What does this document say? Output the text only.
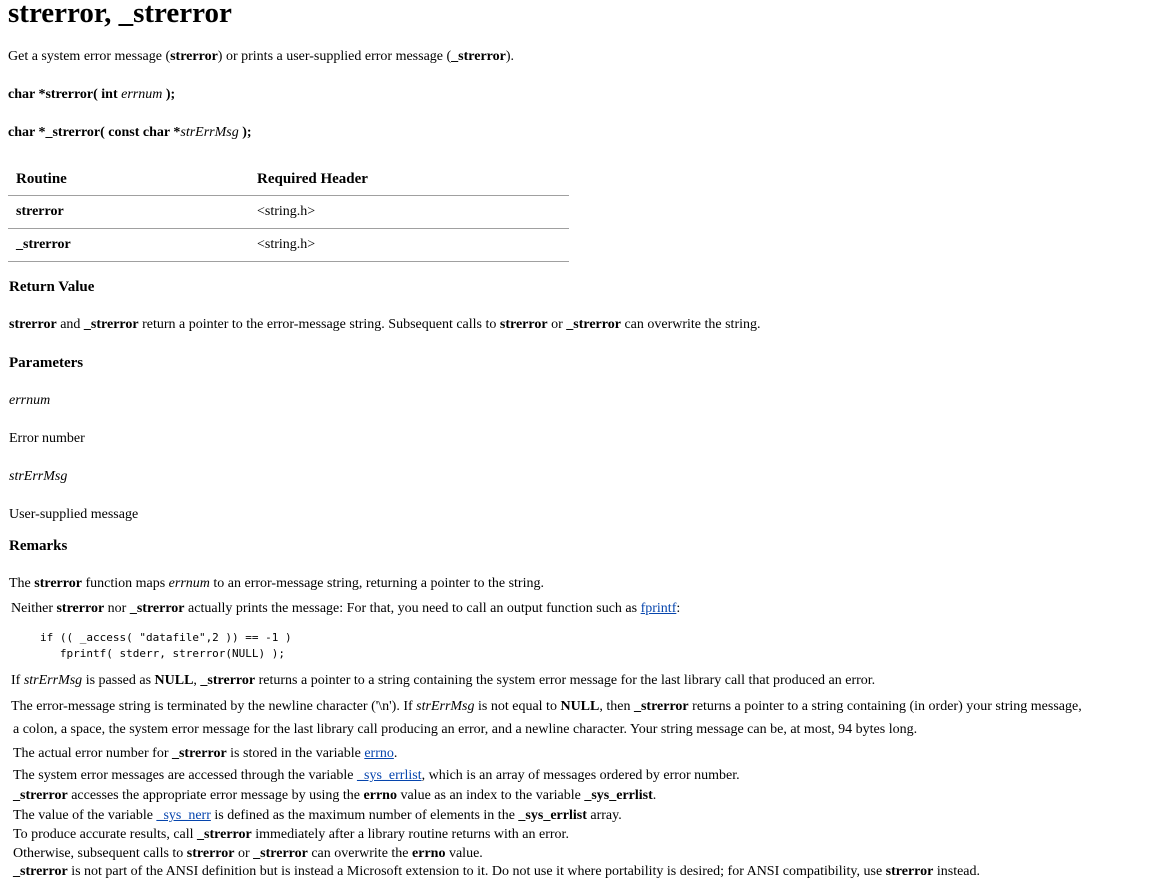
strerror, _strerror
Get a system error message (strerror) or prints a user-supplied error message (_strerror).
char *strerror( int errnum );
char *_strerror( const char *strErrMsg );
Routine	Required Header
strerror	<string.h>
_strerror	<string.h>
Return Value
strerror and _strerror return a pointer to the error-message string. Subsequent calls to strerror or _strerror can overwrite the string.
Parameters
errnum
Error number
strErrMsg
User-supplied message
Remarks
The strerror function maps errnum to an error-message string, returning a pointer to the string.
Neither strerror nor _strerror actually prints the message: For that, you need to call an output function such as fprintf:
if (( _access( "datafile",2 )) == -1 )
fprintf( stderr, strerror(NULL) );
If strErrMsg is passed as NULL, _strerror returns a pointer to a string containing the system error message for the last library call that produced an error.
The error-message string is terminated by the newline character ('\n'). If strErrMsg is not equal to NULL, then _strerror returns a pointer to a string containing (in order) your string message,
a colon, a space, the system error message for the last library call producing an error, and a newline character. Your string message can be, at most, 94 bytes long.
The actual error number for _strerror is stored in the variable errno.
The system error messages are accessed through the variable _sys_errlist, which is an array of messages ordered by error number.
_strerror accesses the appropriate error message by using the errno value as an index to the variable _sys_errlist.
The value of the variable _sys_nerr is defined as the maximum number of elements in the _sys_errlist array.
To produce accurate results, call _strerror immediately after a library routine returns with an error.
Otherwise, subsequent calls to strerror or _strerror can overwrite the errno value.
_strerror is not part of the ANSI definition but is instead a Microsoft extension to it. Do not use it where portability is desired; for ANSI compatibility, use strerror instead.
